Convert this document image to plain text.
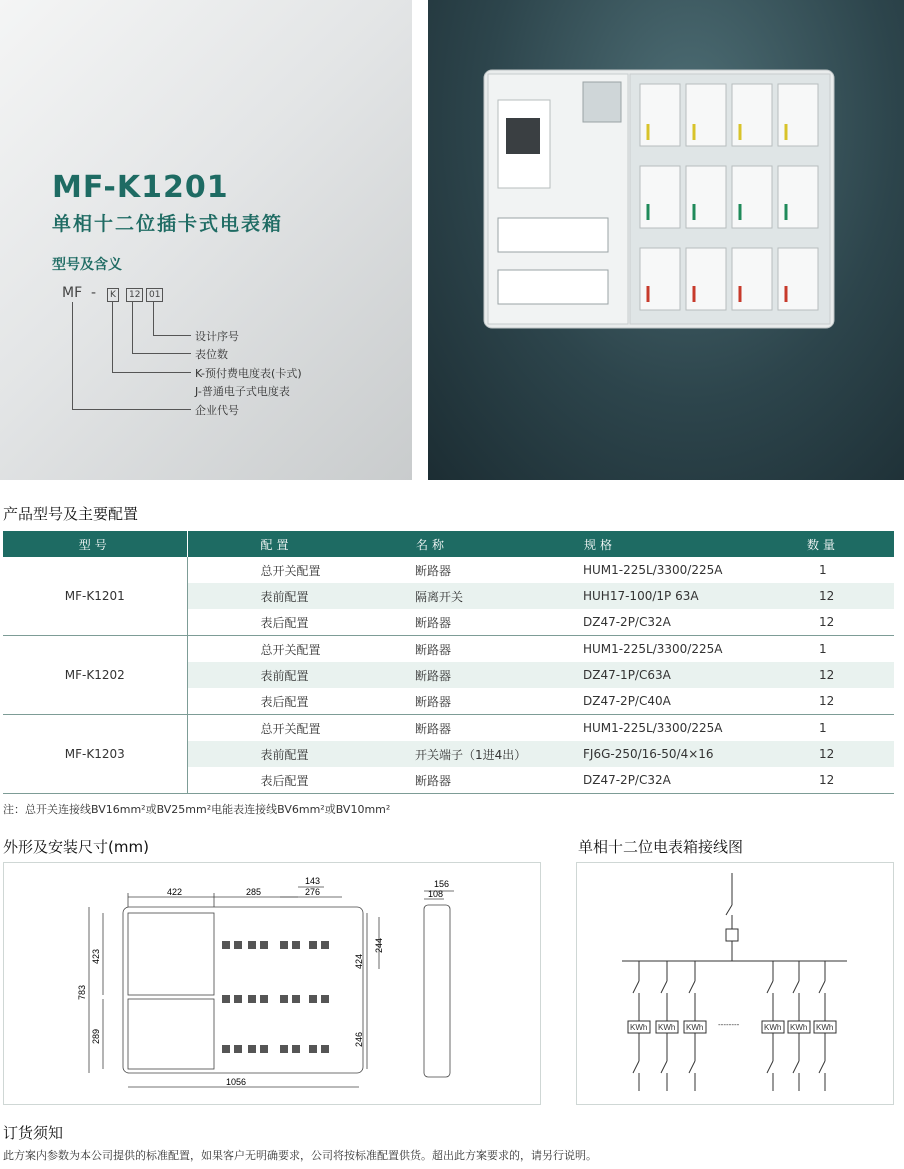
MF-K1201
单相十二位插卡式电表箱
型号及含义
MF -	K	12 01
设计序号
表位数
K-预付费电度表(卡式)
J-普通电子式电度表
企业代号
产品型号及主要配置
型号	配置	名称	规格	数量
MF-K1201	总开关配置	断路器	HUM1-225L/3300/225A	1
	表前配置	隔离开关	HUH17-100/1P 63A	12
	表后配置	断路器	DZ47-2P/C32A	12
MF-K1202	总开关配置	断路器	HUM1-225L/3300/225A	1
	表前配置	断路器	DZ47-1P/C63A	12
	表后配置	断路器	DZ47-2P/C40A	12
MF-K1203	总开关配置	断路器	HUM1-225L/3300/225A	1
	表前配置	开关端子（1进4出）	FJ6G-250/16-50/4×16	12
	表后配置	断路器	DZ47-2P/C32A	12
注：总开关连接线BV16mm²或BV25mm²电能表连接线BV6mm²或BV10mm²
外形及安装尺寸(mm)
422	285
143
276
423
783
289
244
424
246
1056
156
108
单相十二位电表箱接线图
KWh KWh KWh	KWh KWh KWh
--------
订货须知
此方案内参数为本公司提供的标准配置，如果客户无明确要求，公司将按标准配置供货。超出此方案要求的，请另行说明。
